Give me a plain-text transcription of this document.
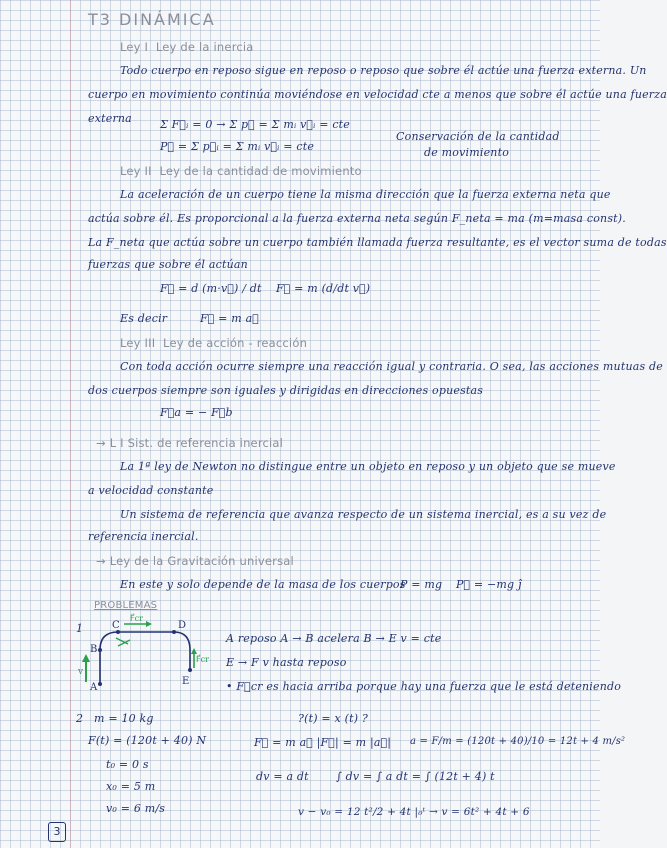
T3 DINÁMICA
Ley I Ley de la inercia
Todo cuerpo en reposo sigue en reposo o reposo que sobre él actúe una fuerza externa. Un
cuerpo en movimiento continúa moviéndose en velocidad cte a menos que sobre él actúe una fuerza
externa	Σ F⃗ᵢ = 0 → Σ p⃗ = Σ mᵢ v⃗ᵢ = cte
P⃗ = Σ p⃗ᵢ = Σ mᵢ v⃗ᵢ = cte
Conservación de la cantidad
de movimiento
Ley II Ley de la cantidad de movimiento
La aceleración de un cuerpo tiene la misma dirección que la fuerza externa neta que
actúa sobre él. Es proporcional a la fuerza externa neta según F_neta = ma (m=masa const).
La F_neta que actúa sobre un cuerpo también llamada fuerza resultante, es el vector suma de todas
fuerzas que sobre él actúan
F⃗ = d (m·v⃗) / dt F⃗ = m (d/dt v⃗)
Es decir	F⃗ = m a⃗
Ley III Ley de acción - reacción
Con toda acción ocurre siempre una reacción igual y contraria. O sea, las acciones mutuas de
dos cuerpos siempre son iguales y dirigidas en direcciones opuestas
F⃗a = − F⃗b
→ L I Sist. de referencia inercial
La 1ª ley de Newton no distingue entre un objeto en reposo y un objeto que se mueve
a velocidad constante
Un sistema de referencia que avanza respecto de un sistema inercial, es a su vez de
referencia inercial.
→ Ley de la Gravitación universal
En este y solo depende de la masa de los cuerpos
P = mg P⃗ = −mg ĵ
PROBLEMAS
1
A
B
C	D
E
F⃗cr
F⃗cr
v
A reposo A → B acelera B → E v = cte
E → F v hasta reposo
• F⃗cr es hacia arriba porque hay una fuerza que le está deteniendo
2 m = 10 kg
F(t) = (120t + 40) N
t₀ = 0 s
x₀ = 5 m
v₀ = 6 m/s
?(t) = x (t) ?
F⃗ = m a⃗ |F⃗| = m |a⃗| a = F/m = (120t + 40)/10 = 12t + 4 m/s²
dv = a dt ∫ dv = ∫ a dt = ∫ (12t + 4) t
v − v₀ = 12 t²/2 + 4t |₀ᵗ → v = 6t² + 4t + 6
3
